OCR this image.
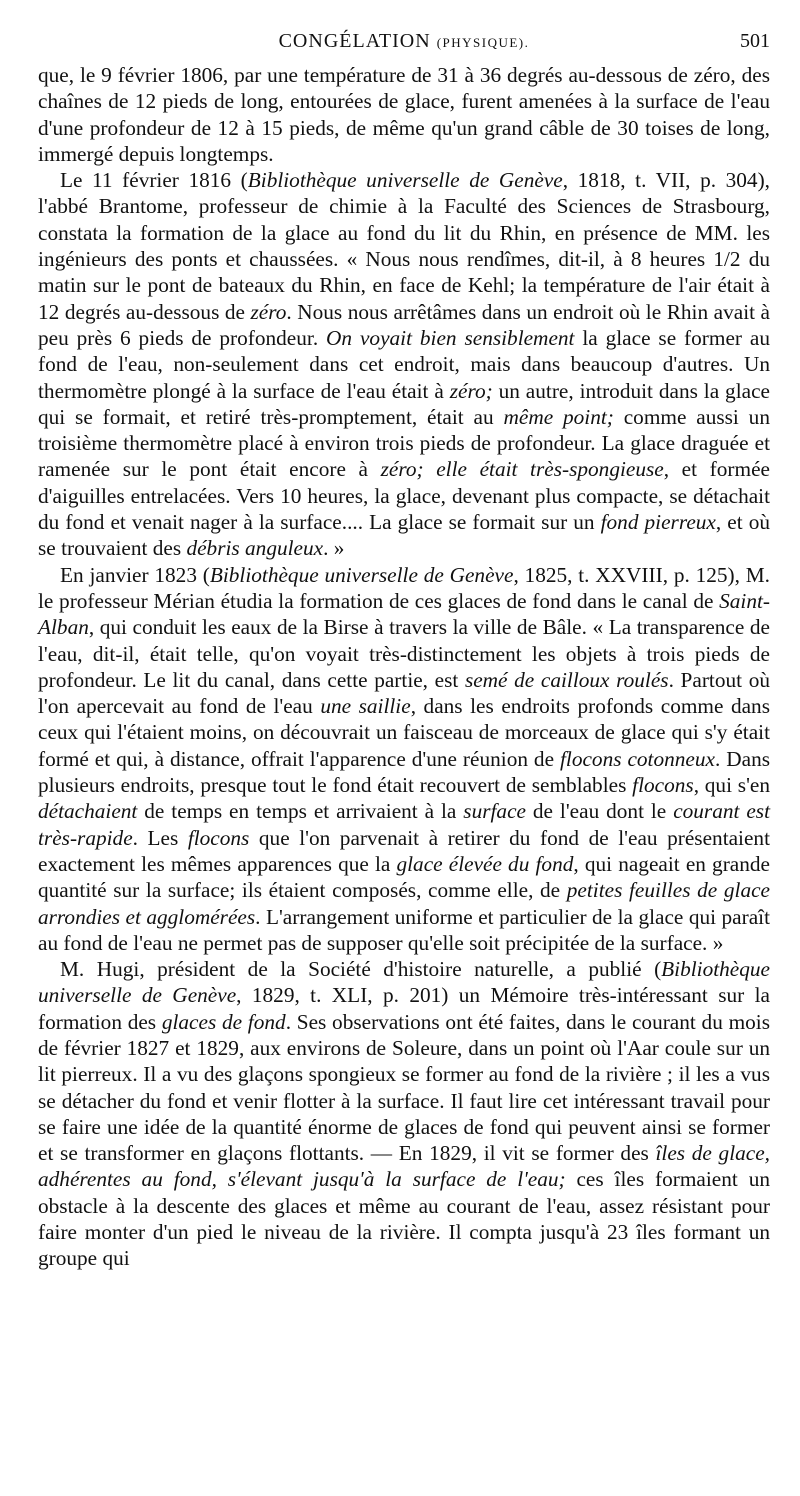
CONGÉLATION (PHYSIQUE).	501

que, le 9 février 1806, par une température de 31 à 36 degrés au-dessous de zéro, des chaînes de 12 pieds de long, entourées de glace, furent amenées à la surface de l'eau d'une profondeur de 12 à 15 pieds, de même qu'un grand câble de 30 toises de long, immergé depuis longtemps.

Le 11 février 1816 (Bibliothèque universelle de Genève, 1818, t. VII, p. 304), l'abbé Brantome, professeur de chimie à la Faculté des Sciences de Strasbourg, constata la formation de la glace au fond du lit du Rhin, en présence de MM. les ingénieurs des ponts et chaussées. « Nous nous rendîmes, dit-il, à 8 heures 1/2 du matin sur le pont de bateaux du Rhin, en face de Kehl; la température de l'air était à 12 degrés au-dessous de zéro. Nous nous arrêtâmes dans un endroit où le Rhin avait à peu près 6 pieds de profondeur. On voyait bien sensiblement la glace se former au fond de l'eau, non-seulement dans cet endroit, mais dans beaucoup d'autres. Un thermomètre plongé à la surface de l'eau était à zéro; un autre, introduit dans la glace qui se formait, et retiré très-promptement, était au même point; comme aussi un troisième thermomètre placé à environ trois pieds de profondeur. La glace draguée et ramenée sur le pont était encore à zéro; elle était très-spongieuse, et formée d'aiguilles entrelacées. Vers 10 heures, la glace, devenant plus compacte, se détachait du fond et venait nager à la surface.... La glace se formait sur un fond pierreux, et où se trouvaient des débris anguleux. »

En janvier 1823 (Bibliothèque universelle de Genève, 1825, t. XXVIII, p. 125), M. le professeur Mérian étudia la formation de ces glaces de fond dans le canal de Saint-Alban, qui conduit les eaux de la Birse à travers la ville de Bâle. « La transparence de l'eau, dit-il, était telle, qu'on voyait très-distinctement les objets à trois pieds de profondeur. Le lit du canal, dans cette partie, est semé de cailloux roulés. Partout où l'on apercevait au fond de l'eau une saillie, dans les endroits profonds comme dans ceux qui l'étaient moins, on découvrait un faisceau de morceaux de glace qui s'y était formé et qui, à distance, offrait l'apparence d'une réunion de flocons cotonneux. Dans plusieurs endroits, presque tout le fond était recouvert de semblables flocons, qui s'en détachaient de temps en temps et arrivaient à la surface de l'eau dont le courant est très-rapide. Les flocons que l'on parvenait à retirer du fond de l'eau présentaient exactement les mêmes apparences que la glace élevée du fond, qui nageait en grande quantité sur la surface; ils étaient composés, comme elle, de petites feuilles de glace arrondies et agglomérées. L'arrangement uniforme et particulier de la glace qui paraît au fond de l'eau ne permet pas de supposer qu'elle soit précipitée de la surface. »

M. Hugi, président de la Société d'histoire naturelle, a publié (Bibliothèque universelle de Genève, 1829, t. XLI, p. 201) un Mémoire très-intéressant sur la formation des glaces de fond. Ses observations ont été faites, dans le courant du mois de février 1827 et 1829, aux environs de Soleure, dans un point où l'Aar coule sur un lit pierreux. Il a vu des glaçons spongieux se former au fond de la rivière ; il les a vus se détacher du fond et venir flotter à la surface. Il faut lire cet intéressant travail pour se faire une idée de la quantité énorme de glaces de fond qui peuvent ainsi se former et se transformer en glaçons flottants. — En 1829, il vit se former des îles de glace, adhérentes au fond, s'élevant jusqu'à la surface de l'eau; ces îles formaient un obstacle à la descente des glaces et même au courant de l'eau, assez résistant pour faire monter d'un pied le niveau de la rivière. Il compta jusqu'à 23 îles formant un groupe qui
